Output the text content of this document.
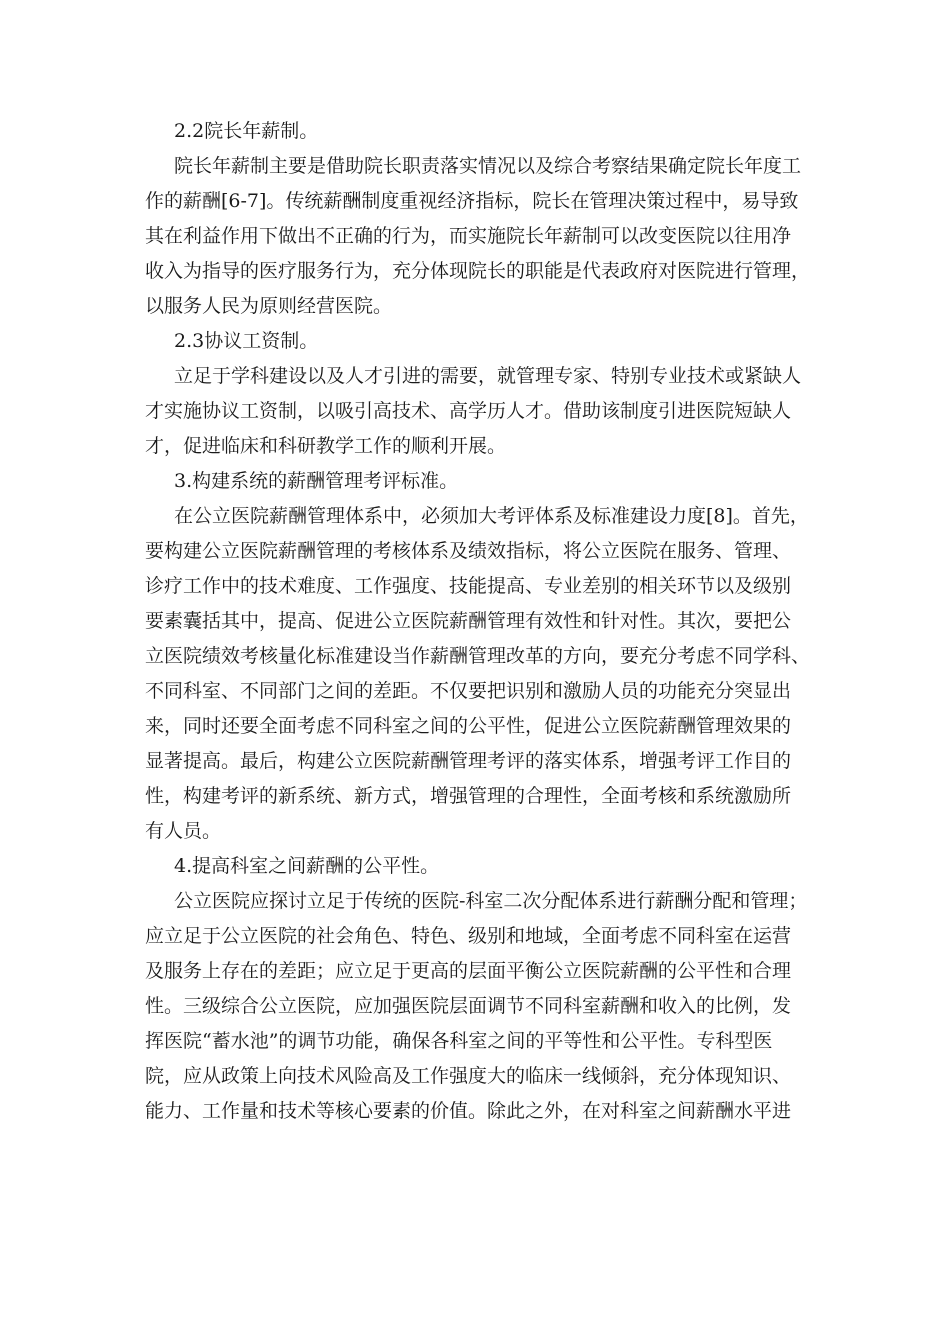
2.2院长年薪制。
院长年薪制主要是借助院长职责落实情况以及综合考察结果确定院长年度工
作的薪酬[6-7]。传统薪酬制度重视经济指标，院长在管理决策过程中，易导致
其在利益作用下做出不正确的行为，而实施院长年薪制可以改变医院以往用净
收入为指导的医疗服务行为，充分体现院长的职能是代表政府对医院进行管理，
以服务人民为原则经营医院。
2.3协议工资制。
立足于学科建设以及人才引进的需要，就管理专家、特别专业技术或紧缺人
才实施协议工资制，以吸引高技术、高学历人才。借助该制度引进医院短缺人
才，促进临床和科研教学工作的顺利开展。
3.构建系统的薪酬管理考评标准。
在公立医院薪酬管理体系中，必须加大考评体系及标准建设力度[8]。首先，
要构建公立医院薪酬管理的考核体系及绩效指标，将公立医院在服务、管理、
诊疗工作中的技术难度、工作强度、技能提高、专业差别的相关环节以及级别
要素囊括其中，提高、促进公立医院薪酬管理有效性和针对性。其次，要把公
立医院绩效考核量化标准建设当作薪酬管理改革的方向，要充分考虑不同学科、
不同科室、不同部门之间的差距。不仅要把识别和激励人员的功能充分突显出
来，同时还要全面考虑不同科室之间的公平性，促进公立医院薪酬管理效果的
显著提高。最后，构建公立医院薪酬管理考评的落实体系，增强考评工作目的
性，构建考评的新系统、新方式，增强管理的合理性，全面考核和系统激励所
有人员。
4.提高科室之间薪酬的公平性。
公立医院应探讨立足于传统的医院-科室二次分配体系进行薪酬分配和管理；
应立足于公立医院的社会角色、特色、级别和地域，全面考虑不同科室在运营
及服务上存在的差距；应立足于更高的层面平衡公立医院薪酬的公平性和合理
性。三级综合公立医院，应加强医院层面调节不同科室薪酬和收入的比例，发
挥医院“蓄水池”的调节功能，确保各科室之间的平等性和公平性。专科型医
院，应从政策上向技术风险高及工作强度大的临床一线倾斜，充分体现知识、
能力、工作量和技术等核心要素的价值。除此之外，在对科室之间薪酬水平进
